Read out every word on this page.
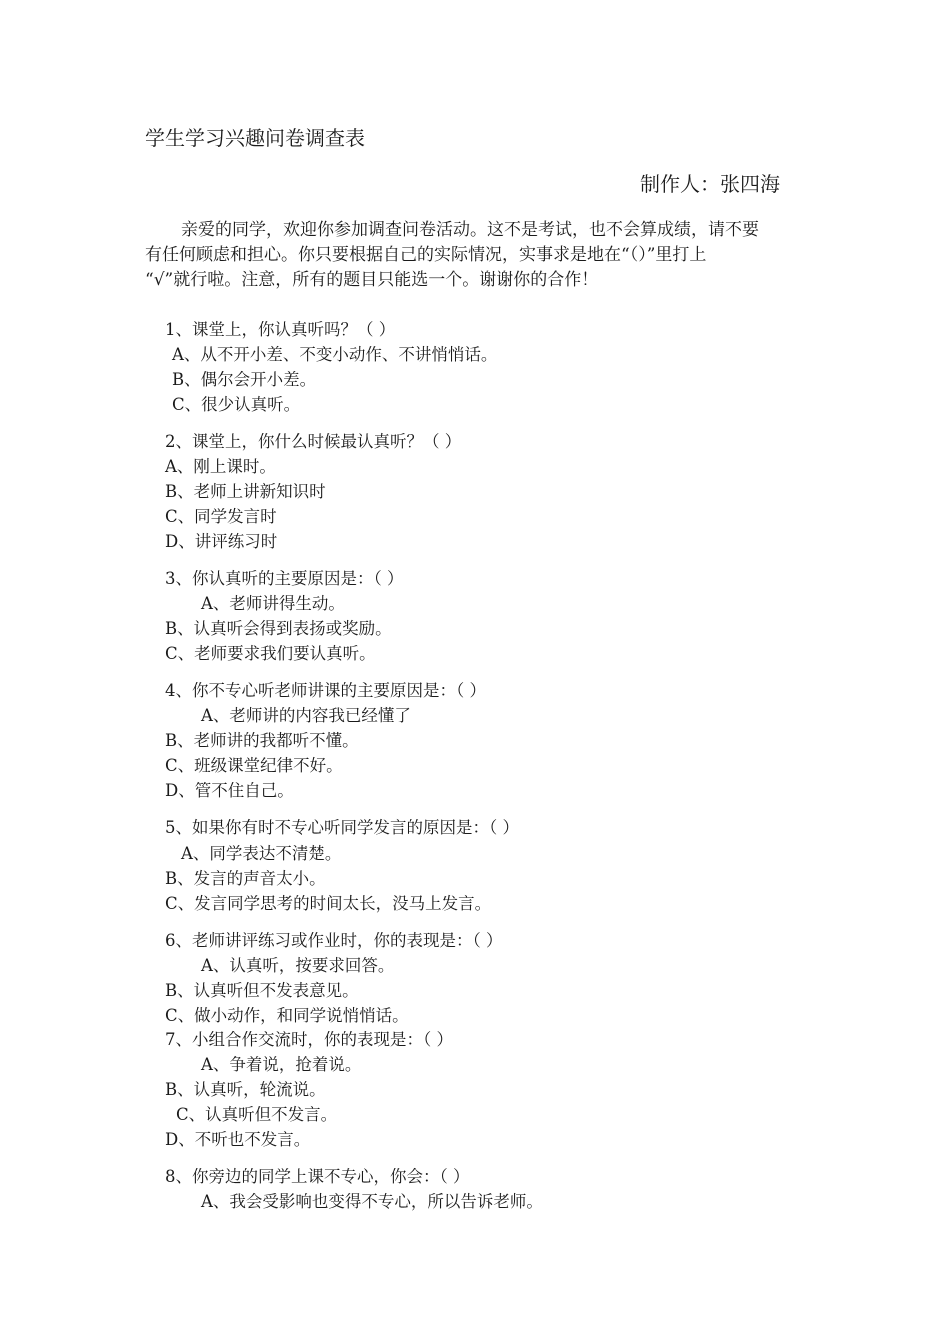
学生学习兴趣问卷调查表
制作人：张四海
亲爱的同学，欢迎你参加调查问卷活动。这不是考试，也不会算成绩，请不要
有任何顾虑和担心。你只要根据自己的实际情况，实事求是地在“（）”里打上
“√”就行啦。注意，所有的题目只能选一个。谢谢你的合作！
1、课堂上，你认真听吗？（ ）
A、从不开小差、不变小动作、不讲悄悄话。
B、偶尔会开小差。
C、很少认真听。
2、课堂上，你什么时候最认真听？（ ）
A、刚上课时。
B、老师上讲新知识时
C、同学发言时
D、讲评练习时
3、你认真听的主要原因是：（ ）
A、老师讲得生动。
B、认真听会得到表扬或奖励。
C、老师要求我们要认真听。
4、你不专心听老师讲课的主要原因是：（ ）
A、老师讲的内容我已经懂了
B、老师讲的我都听不懂。
C、班级课堂纪律不好。
D、管不住自己。
5、如果你有时不专心听同学发言的原因是：（ ）
A、同学表达不清楚。
B、发言的声音太小。
C、发言同学思考的时间太长，没马上发言。
6、老师讲评练习或作业时，你的表现是：（ ）
A、认真听，按要求回答。
B、认真听但不发表意见。
C、做小动作，和同学说悄悄话。
7、小组合作交流时，你的表现是：（ ）
A、争着说，抢着说。
B、认真听，轮流说。
C、认真听但不发言。
D、不听也不发言。
8、你旁边的同学上课不专心，你会：（ ）
A、我会受影响也变得不专心，所以告诉老师。
